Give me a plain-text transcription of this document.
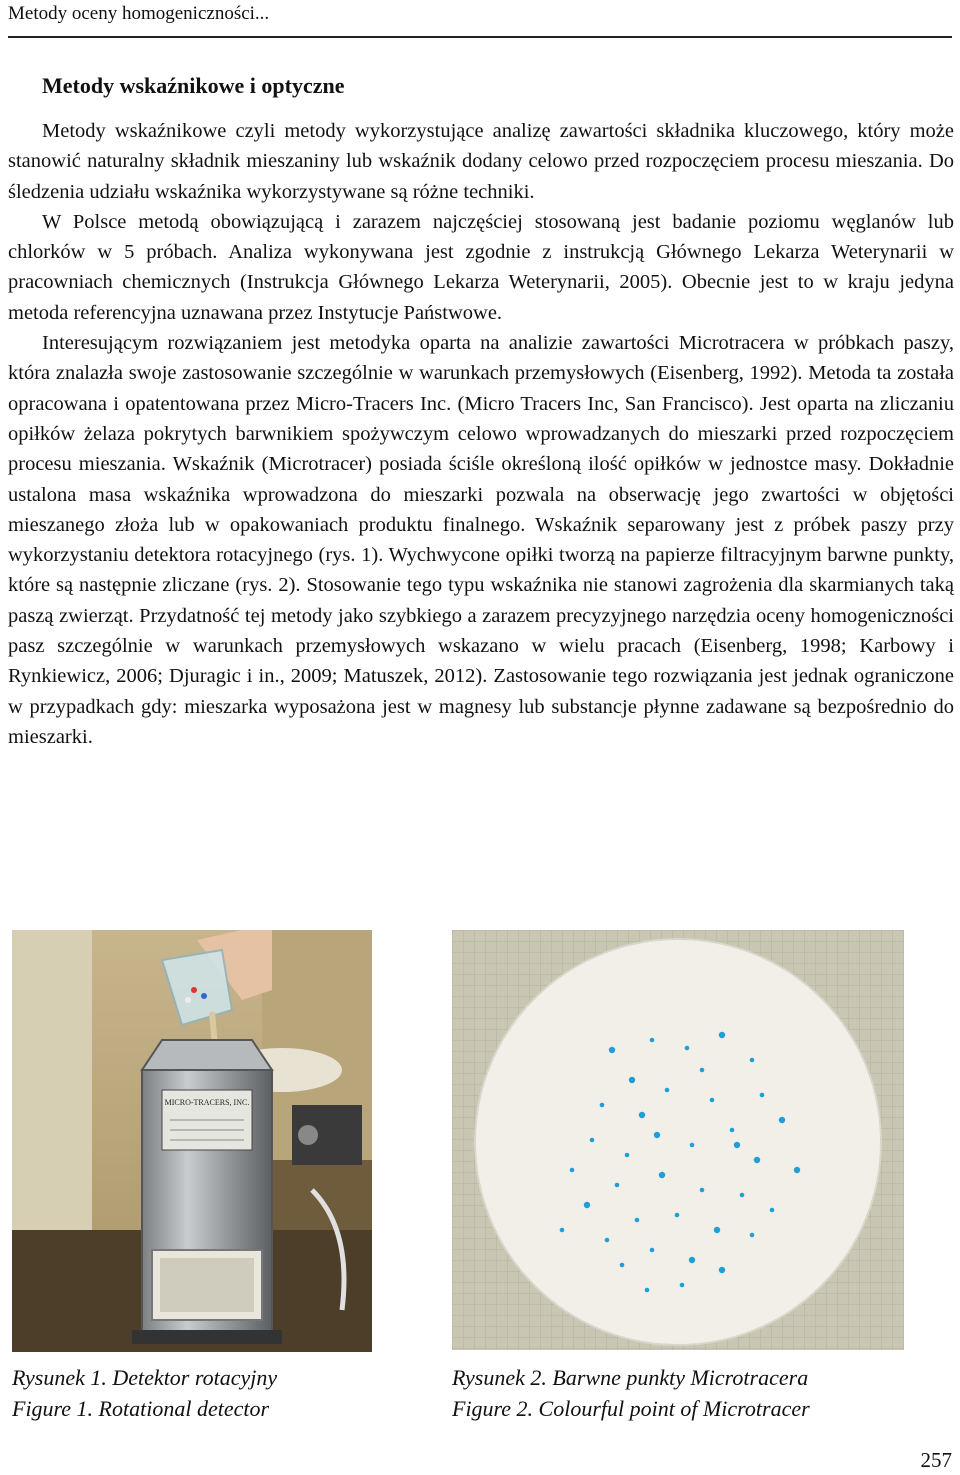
Metody oceny homogeniczności...
Metody wskaźnikowe i optyczne

Metody wskaźnikowe czyli metody wykorzystujące analizę zawartości składnika kluczowego, który może stanowić naturalny składnik mieszaniny lub wskaźnik dodany celowo przed rozpoczęciem procesu mieszania. Do śledzenia udziału wskaźnika wykorzystywane są różne techniki.

W Polsce metodą obowiązującą i zarazem najczęściej stosowaną jest badanie poziomu węglanów lub chlorków w 5 próbach. Analiza wykonywana jest zgodnie z instrukcją Głównego Lekarza Weterynarii w pracowniach chemicznych (Instrukcja Głównego Lekarza Weterynarii, 2005). Obecnie jest to w kraju jedyna metoda referencyjna uznawana przez Instytucje Państwowe.

Interesującym rozwiązaniem jest metodyka oparta na analizie zawartości Microtracera w próbkach paszy, która znalazła swoje zastosowanie szczególnie w warunkach przemysłowych (Eisenberg, 1992). Metoda ta została opracowana i opatentowana przez Micro-Tracers Inc. (Micro Tracers Inc, San Francisco). Jest oparta na zliczaniu opiłków żelaza pokrytych barwnikiem spożywczym celowo wprowadzanych do mieszarki przed rozpoczęciem procesu mieszania. Wskaźnik (Microtracer) posiada ściśle określoną ilość opiłków w jednostce masy. Dokładnie ustalona masa wskaźnika wprowadzona do mieszarki pozwala na obserwację jego zwartości w objętości mieszanego złoża lub w opakowaniach produktu finalnego. Wskaźnik separowany jest z próbek paszy przy wykorzystaniu detektora rotacyjnego (rys. 1). Wychwycone opiłki tworzą na papierze filtracyjnym barwne punkty, które są następnie zliczane (rys. 2). Stosowanie tego typu wskaźnika nie stanowi zagrożenia dla skarmianych taką paszą zwierząt. Przydatność tej metody jako szybkiego a zarazem precyzyjnego narzędzia oceny homogeniczności pasz szczególnie w warunkach przemysłowych wskazano w wielu pracach (Eisenberg, 1998; Karbowy i Rynkiewicz, 2006; Djuragic i in., 2009; Matuszek, 2012). Zastosowanie tego rozwiązania jest jednak ograniczone w przypadkach gdy: mieszarka wyposażona jest w magnesy lub substancje płynne zadawane są bezpośrednio do mieszarki.

MICRO-TRACERS, INC.
Rysunek 1. Detektor rotacyjny
Figure 1. Rotational detector
Rysunek 2. Barwne punkty Microtracera
Figure 2. Colourful point of Microtracer
257
